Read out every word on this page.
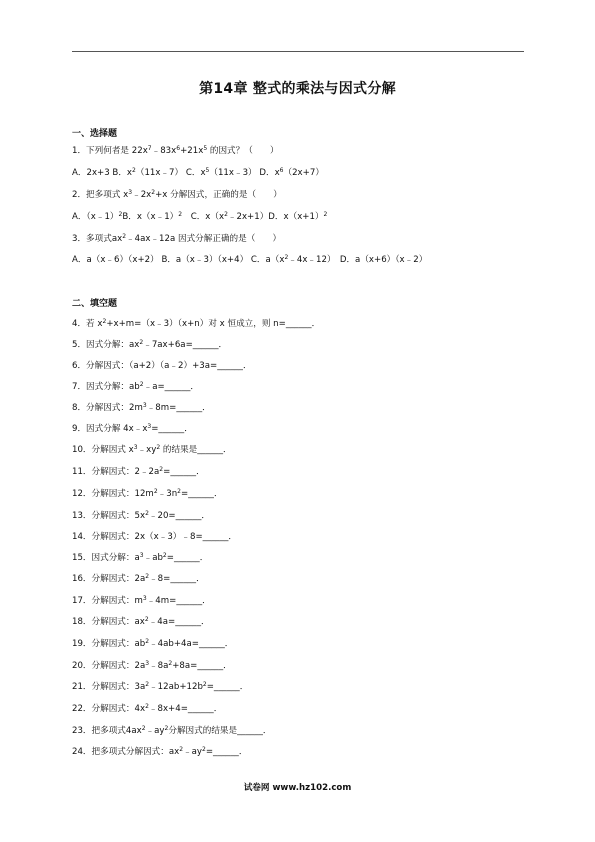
第14章 整式的乘法与因式分解
一、选择题
二、填空题
1．下列何者是 $22x^7﹣83x^6+21x^5$ 的因式？（　　）
A．2x+3 B．$x^2(11x﹣7)$ C．$x^5(11x﹣3)$ D．$x^6(2x+7)$
2．把多项式 $x^3﹣2x^2+x$ 分解因式，正确的是（　　）
A．（x﹣1）$^2$B．x（x﹣1）$^2$　C．$x(x^2﹣2x+1)D$．$x(x+1)^2$
3．多项式$ax^2﹣4ax﹣12a$ 因式分解正确的是（　　）
A．a（x﹣6）（x+2） B．a（x﹣3）（x+4） C．$a(x^2﹣4x﹣12)$　D．a（x+6）（x﹣2）
4．若 $x^2+x+m=(x﹣3)(x+n)$对 x 恒成立，则 n=______．
5．因式分解：$ax^2﹣7ax+6a=\_\_\_\_\_\_$．
6．分解因式：（a+2）（a﹣2）+3a=______．
7．因式分解：$ab^2﹣a=\_\_\_\_\_\_$．
8．分解因式：$2m^3﹣8m=\_\_\_\_\_\_$．
9．因式分解 $4x﹣x^3=\_\_\_\_\_\_$．
10．分解因式 $x^3﹣xy^2$ 的结果是______．
11．分解因式：$2﹣2a^2=\_\_\_\_\_\_$．
12．分解因式：$12m^2﹣3n^2=\_\_\_\_\_\_$．
13．分解因式：$5x^2﹣20=\_\_\_\_\_\_$．
14．分解因式：2x（x﹣3）﹣8=______．
15．因式分解：$a^3﹣ab^2=\_\_\_\_\_\_$．
16．分解因式：$2a^2﹣8=\_\_\_\_\_\_$．
17．分解因式：$m^3﹣4m=\_\_\_\_\_\_$．
18．分解因式：$ax^2﹣4a=\_\_\_\_\_\_$．
19．分解因式：$ab^2﹣4ab+4a=\_\_\_\_\_\_$．
20．分解因式：$2a^3﹣8a^2+8a=\_\_\_\_\_\_$．
21．分解因式：$3a^2﹣12ab+12b^2=\_\_\_\_\_\_$．
22．分解因式：$4x^2﹣8x+4=\_\_\_\_\_\_$．
23．把多项式$4ax^2﹣ay^2$分解因式的结果是______．
24．把多项式分解因式：$ax^2﹣ay^2=\_\_\_\_\_\_$．
试卷网 www.hz102.com
